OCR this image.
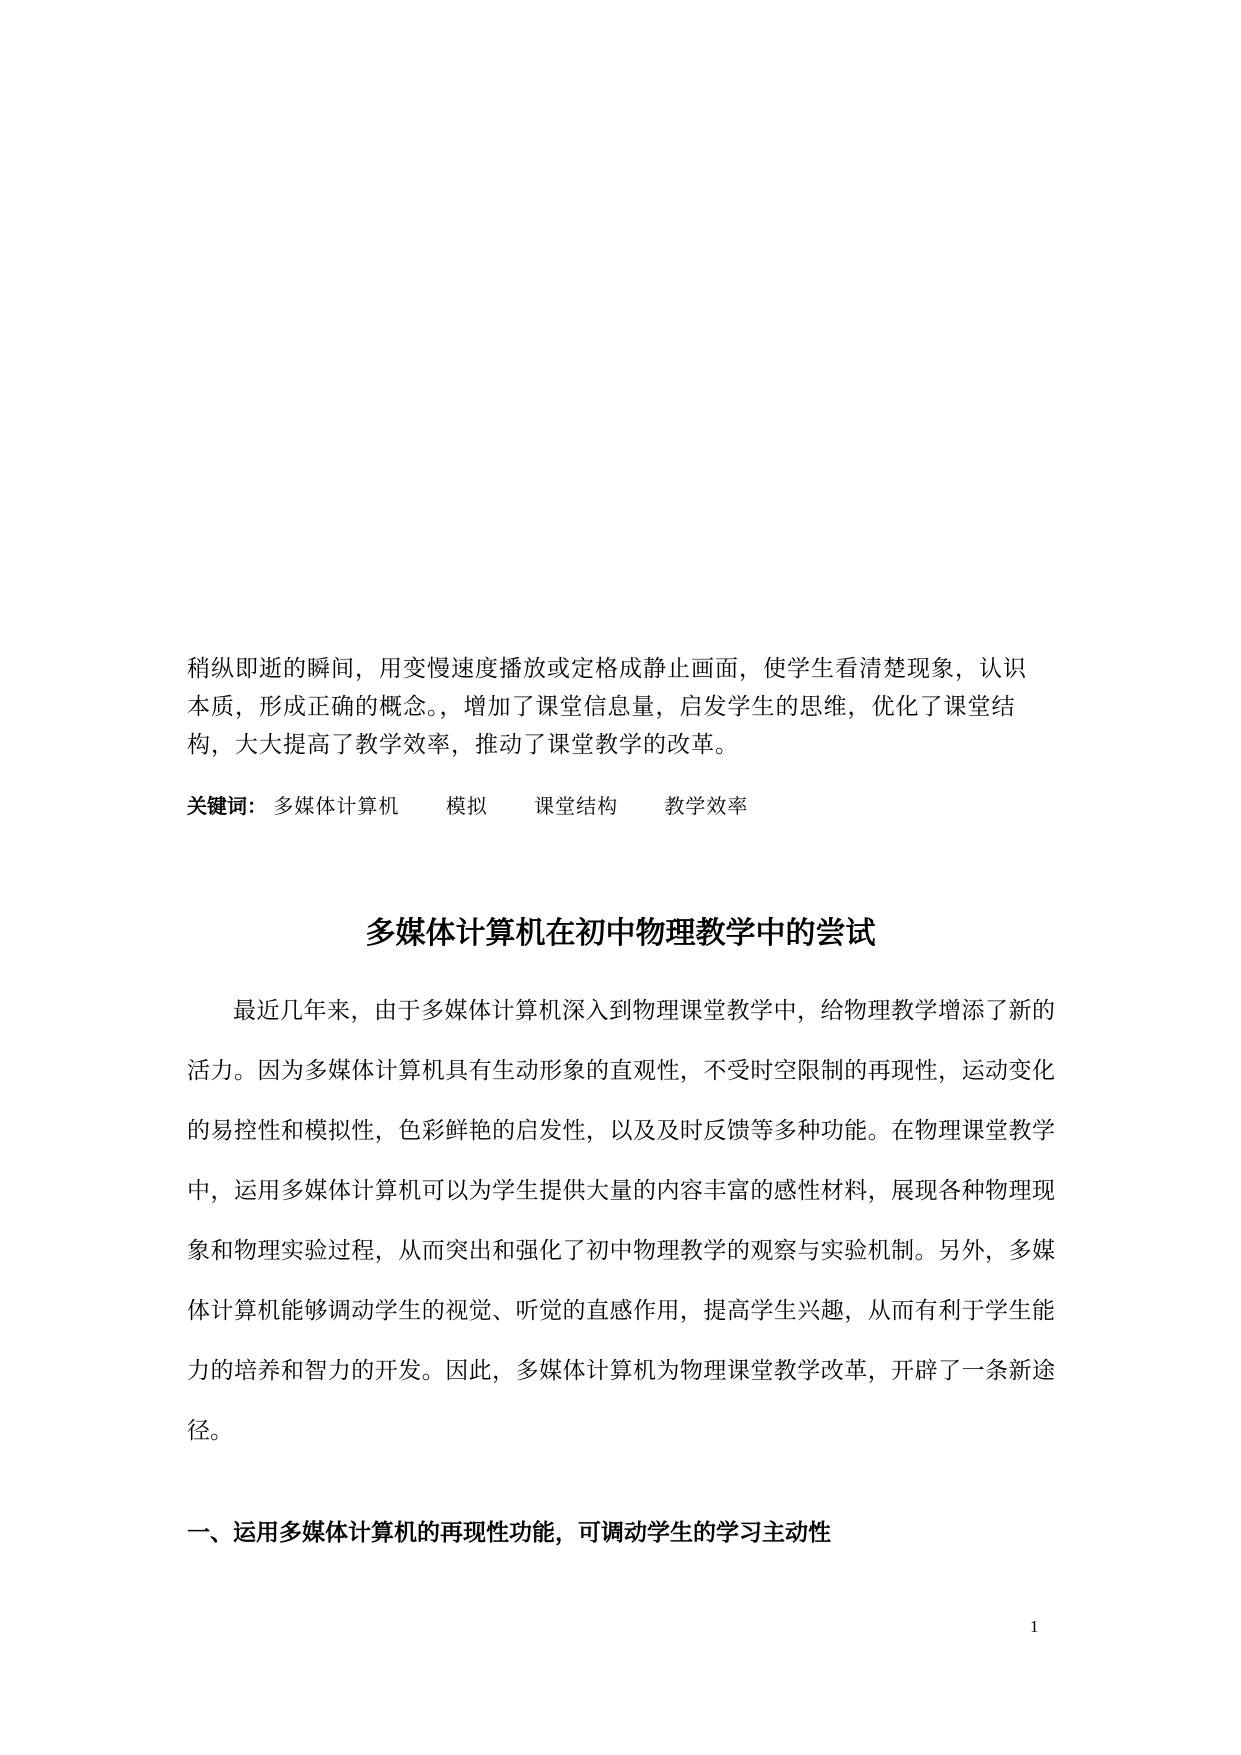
稍纵即逝的瞬间，用变慢速度播放或定格成静止画面，使学生看清楚现象，认识

本质，形成正确的概念。，增加了课堂信息量，启发学生的思维，优化了课堂结

构，大大提高了教学效率，推动了课堂教学的改革。

关键词： 多媒体计算机 模拟 课堂结构 教学效率
多媒体计算机在初中物理教学中的尝试

最近几年来，由于多媒体计算机深入到物理课堂教学中，给物理教学增添了新的活力。因为多媒体计算机具有生动形象的直观性，不受时空限制的再现性，运动变化的易控性和模拟性，色彩鲜艳的启发性，以及及时反馈等多种功能。在物理课堂教学中，运用多媒体计算机可以为学生提供大量的内容丰富的感性材料，展现各种物理现象和物理实验过程，从而突出和强化了初中物理教学的观察与实验机制。另外，多媒体计算机能够调动学生的视觉、听觉的直感作用，提高学生兴趣，从而有利于学生能力的培养和智力的开发。因此，多媒体计算机为物理课堂教学改革，开辟了一条新途径。

一、运用多媒体计算机的再现性功能，可调动学生的学习主动性
1
